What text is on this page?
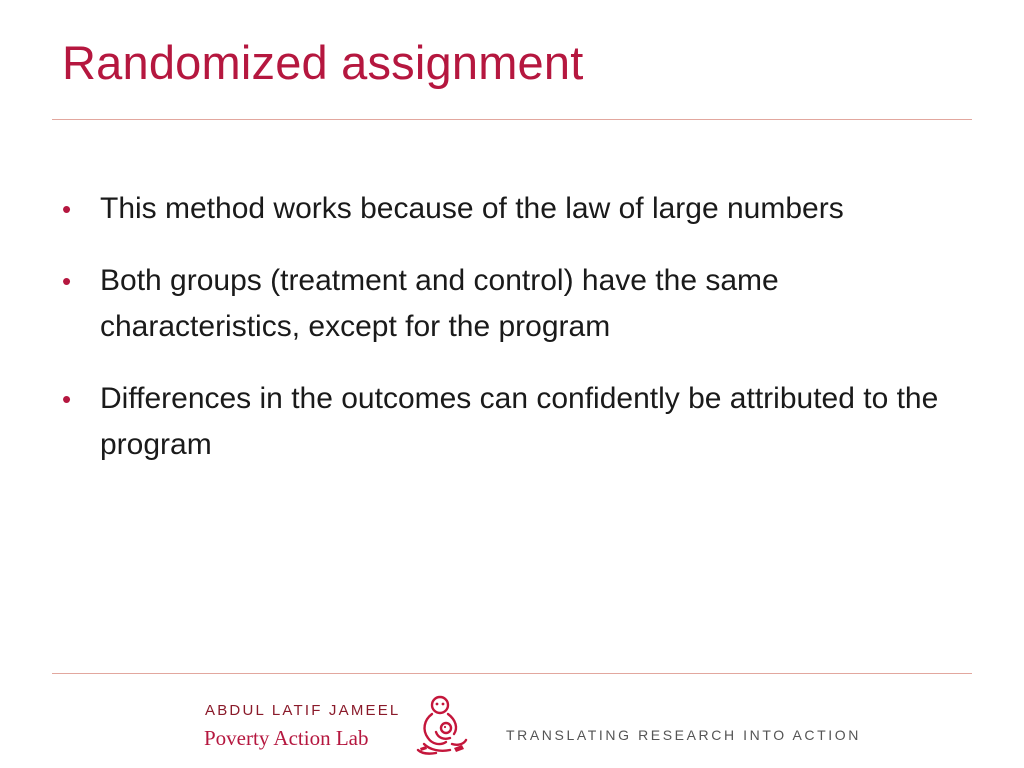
Randomized assignment
• This method works because of the law of large numbers
• Both groups (treatment and control) have the same characteristics, except for the program
• Differences in the outcomes can confidently be attributed to the program
ABDUL LATIF JAMEEL
Poverty Action Lab	TRANSLATING RESEARCH INTO ACTION
